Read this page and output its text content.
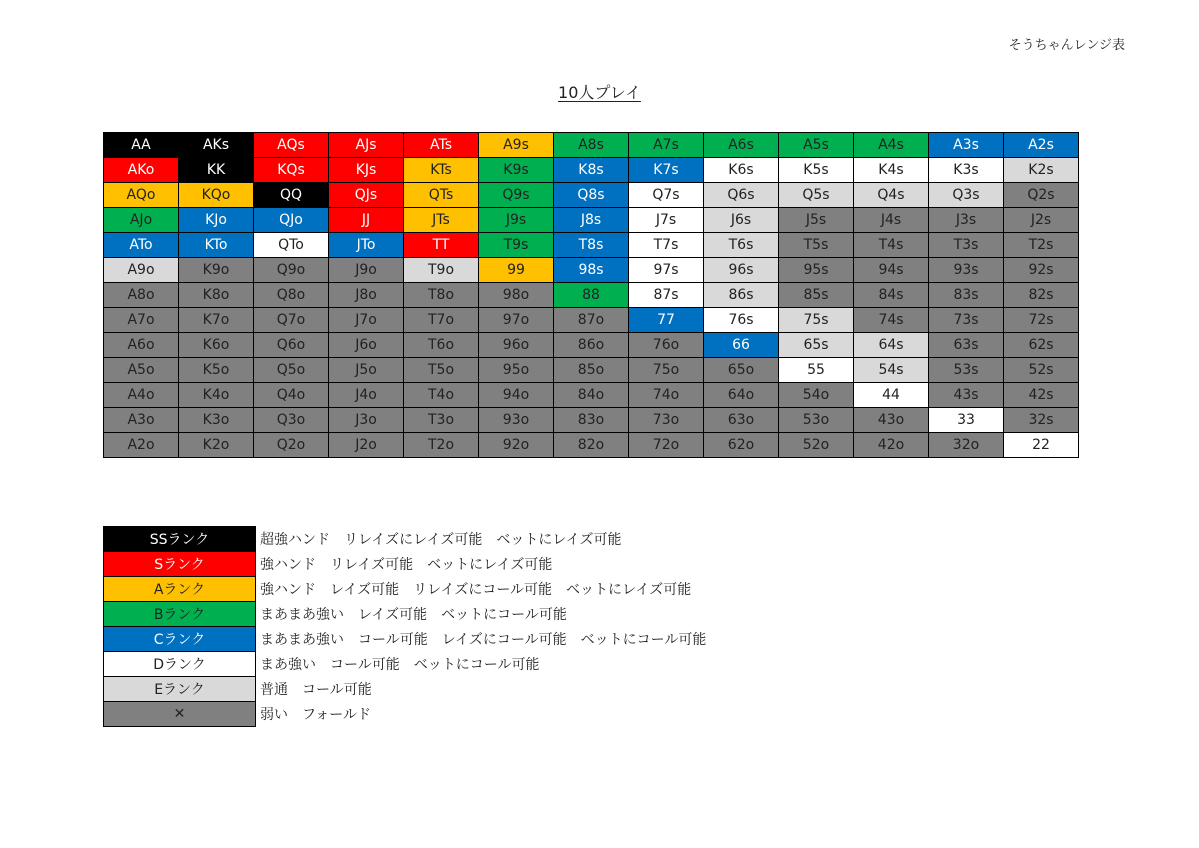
そうちゃんレンジ表
10人プレイ
AA	AKs	AQs	AJs	ATs	A9s	A8s	A7s	A6s	A5s	A4s	A3s	A2s
AKo	KK	KQs	KJs	KTs	K9s	K8s	K7s	K6s	K5s	K4s	K3s	K2s
AQo	KQo	QQ	QJs	QTs	Q9s	Q8s	Q7s	Q6s	Q5s	Q4s	Q3s	Q2s
AJo	KJo	QJo	JJ	JTs	J9s	J8s	J7s	J6s	J5s	J4s	J3s	J2s
ATo	KTo	QTo	JTo	TT	T9s	T8s	T7s	T6s	T5s	T4s	T3s	T2s
A9o	K9o	Q9o	J9o	T9o	99	98s	97s	96s	95s	94s	93s	92s
A8o	K8o	Q8o	J8o	T8o	98o	88	87s	86s	85s	84s	83s	82s
A7o	K7o	Q7o	J7o	T7o	97o	87o	77	76s	75s	74s	73s	72s
A6o	K6o	Q6o	J6o	T6o	96o	86o	76o	66	65s	64s	63s	62s
A5o	K5o	Q5o	J5o	T5o	95o	85o	75o	65o	55	54s	53s	52s
A4o	K4o	Q4o	J4o	T4o	94o	84o	74o	64o	54o	44	43s	42s
A3o	K3o	Q3o	J3o	T3o	93o	83o	73o	63o	53o	43o	33	32s
A2o	K2o	Q2o	J2o	T2o	92o	82o	72o	62o	52o	42o	32o	22
SSランク	超強ハンド　リレイズにレイズ可能　ベットにレイズ可能
Sランク	強ハンド　リレイズ可能　ベットにレイズ可能
Aランク	強ハンド　レイズ可能　リレイズにコール可能　ベットにレイズ可能
Bランク	まあまあ強い　レイズ可能　ベットにコール可能
Cランク	まあまあ強い　コール可能　レイズにコール可能　ベットにコール可能
Dランク	まあ強い　コール可能　ベットにコール可能
Eランク	普通　コール可能
✕	弱い　フォールド
